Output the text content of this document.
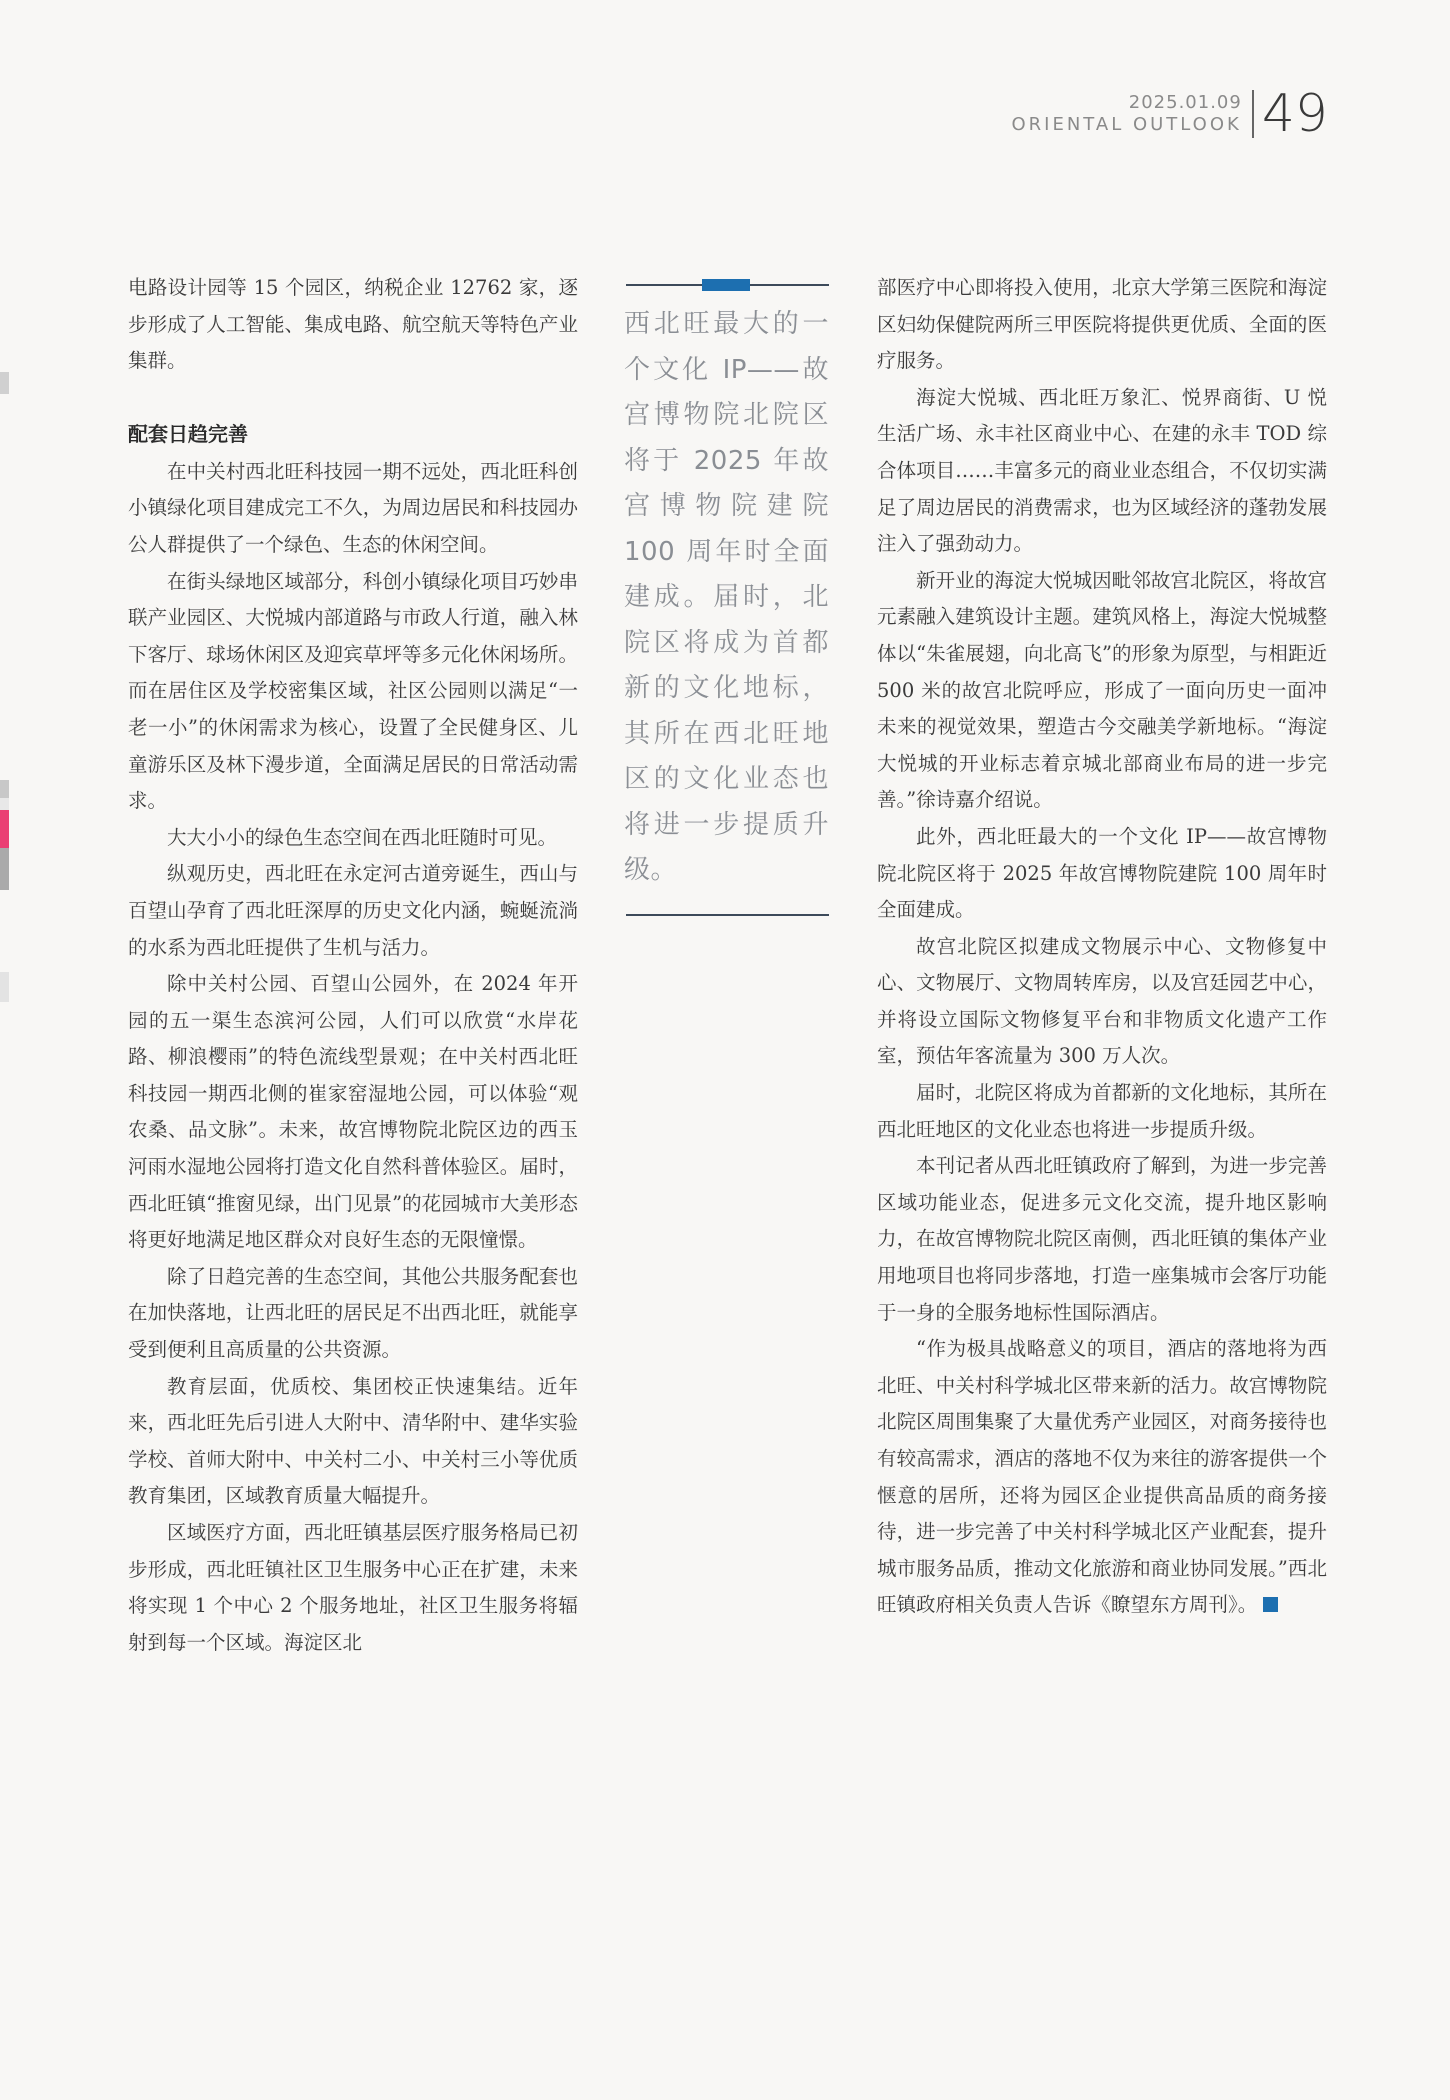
2025.01.09
ORIENTAL OUTLOOK 49

电路设计园等 15 个园区，纳税企业 12762 家，逐步形成了人工智能、集成电路、航空航天等特色产业集群。

配套日趋完善

在中关村西北旺科技园一期不远处，西北旺科创小镇绿化项目建成完工不久，为周边居民和科技园办公人群提供了一个绿色、生态的休闲空间。

在街头绿地区域部分，科创小镇绿化项目巧妙串联产业园区、大悦城内部道路与市政人行道，融入林下客厅、球场休闲区及迎宾草坪等多元化休闲场所。而在居住区及学校密集区域，社区公园则以满足“一老一小”的休闲需求为核心，设置了全民健身区、儿童游乐区及林下漫步道，全面满足居民的日常活动需求。

大大小小的绿色生态空间在西北旺随时可见。

纵观历史，西北旺在永定河古道旁诞生，西山与百望山孕育了西北旺深厚的历史文化内涵，蜿蜒流淌的水系为西北旺提供了生机与活力。

除中关村公园、百望山公园外，在 2024 年开园的五一渠生态滨河公园，人们可以欣赏“水岸花路、柳浪樱雨”的特色流线型景观；在中关村西北旺科技园一期西北侧的崔家窑湿地公园，可以体验“观农桑、品文脉”。未来，故宫博物院北院区边的西玉河雨水湿地公园将打造文化自然科普体验区。届时，西北旺镇“推窗见绿，出门见景”的花园城市大美形态将更好地满足地区群众对良好生态的无限憧憬。

除了日趋完善的生态空间，其他公共服务配套也在加快落地，让西北旺的居民足不出西北旺，就能享受到便利且高质量的公共资源。

教育层面，优质校、集团校正快速集结。近年来，西北旺先后引进人大附中、清华附中、建华实验学校、首师大附中、中关村二小、中关村三小等优质教育集团，区域教育质量大幅提升。

区域医疗方面，西北旺镇基层医疗服务格局已初步形成，西北旺镇社区卫生服务中心正在扩建，未来将实现 1 个中心 2 个服务地址，社区卫生服务将辐射到每一个区域。海淀区北

西北旺最大的一个文化 IP——故宫博物院北院区将于 2025 年故宫博物院建院 100 周年时全面建成。届时，北院区将成为首都新的文化地标，其所在西北旺地区的文化业态也将进一步提质升级。

部医疗中心即将投入使用，北京大学第三医院和海淀区妇幼保健院两所三甲医院将提供更优质、全面的医疗服务。

海淀大悦城、西北旺万象汇、悦界商街、U 悦生活广场、永丰社区商业中心、在建的永丰 TOD 综合体项目……丰富多元的商业业态组合，不仅切实满足了周边居民的消费需求，也为区域经济的蓬勃发展注入了强劲动力。

新开业的海淀大悦城因毗邻故宫北院区，将故宫元素融入建筑设计主题。建筑风格上，海淀大悦城整体以“朱雀展翅，向北高飞”的形象为原型，与相距近 500 米的故宫北院呼应，形成了一面向历史一面冲未来的视觉效果，塑造古今交融美学新地标。“海淀大悦城的开业标志着京城北部商业布局的进一步完善。”徐诗嘉介绍说。

此外，西北旺最大的一个文化 IP——故宫博物院北院区将于 2025 年故宫博物院建院 100 周年时全面建成。

故宫北院区拟建成文物展示中心、文物修复中心、文物展厅、文物周转库房，以及宫廷园艺中心，并将设立国际文物修复平台和非物质文化遗产工作室，预估年客流量为 300 万人次。

届时，北院区将成为首都新的文化地标，其所在西北旺地区的文化业态也将进一步提质升级。

本刊记者从西北旺镇政府了解到，为进一步完善区域功能业态，促进多元文化交流，提升地区影响力，在故宫博物院北院区南侧，西北旺镇的集体产业用地项目也将同步落地，打造一座集城市会客厅功能于一身的全服务地标性国际酒店。

“作为极具战略意义的项目，酒店的落地将为西北旺、中关村科学城北区带来新的活力。故宫博物院北院区周围集聚了大量优秀产业园区，对商务接待也有较高需求，酒店的落地不仅为来往的游客提供一个惬意的居所，还将为园区企业提供高品质的商务接待，进一步完善了中关村科学城北区产业配套，提升城市服务品质，推动文化旅游和商业协同发展。”西北旺镇政府相关负责人告诉《瞭望东方周刊》。
